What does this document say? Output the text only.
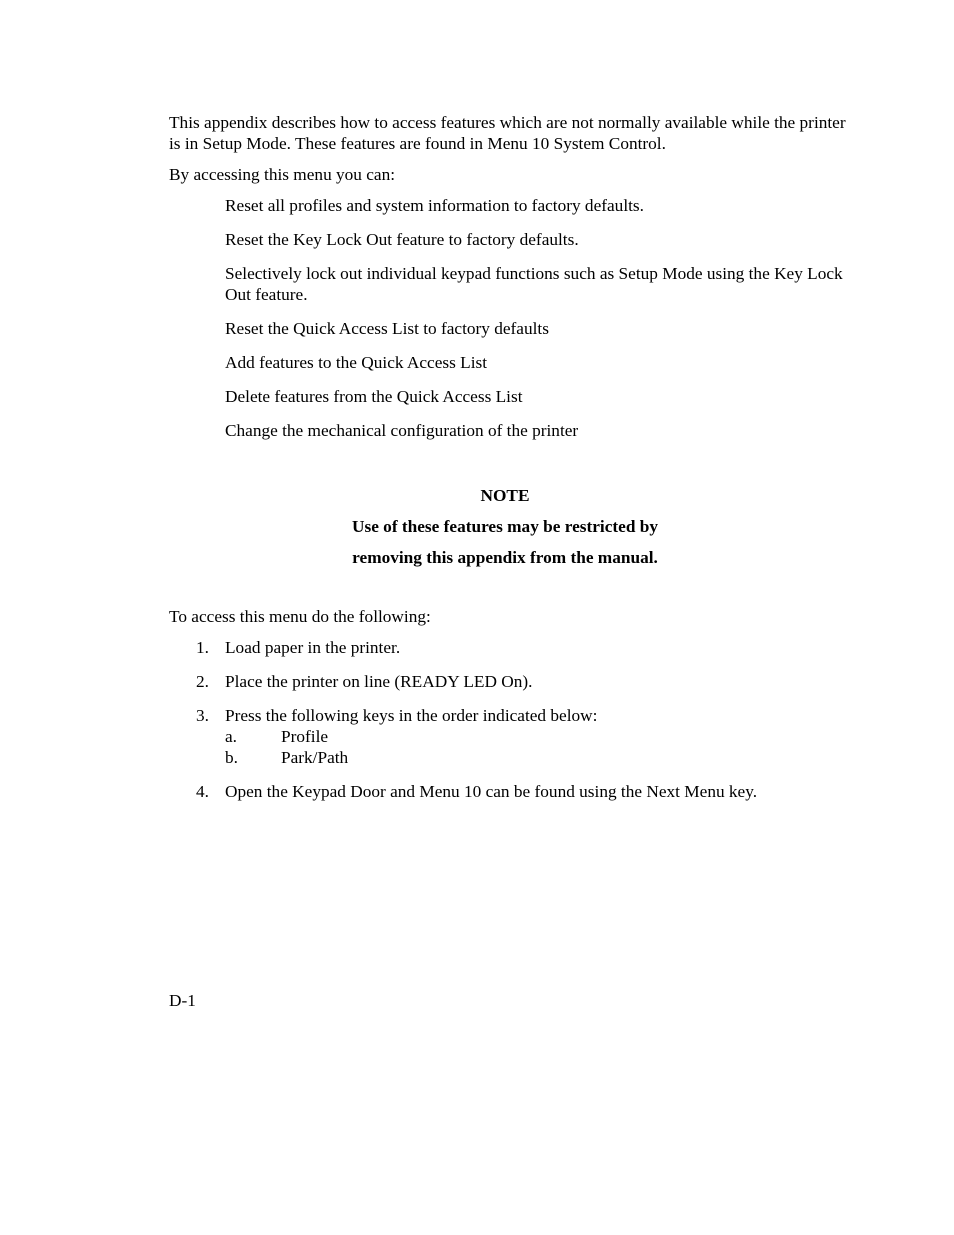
This appendix describes how to access features which are not normally available while the printer is in Setup Mode. These features are found in Menu 10 System Control.

By accessing this menu you can:

Reset all profiles and system information to factory defaults.
Reset the Key Lock Out feature to factory defaults.
Selectively lock out individual keypad functions such as Setup Mode using the Key Lock Out feature.
Reset the Quick Access List to factory defaults
Add features to the Quick Access List
Delete features from the Quick Access List
Change the mechanical configuration of the printer
NOTE
Use of these features may be restricted by
removing this appendix from the manual.

To access this menu do the following:

1. Load paper in the printer.
2. Place the printer on line (READY LED On).
3. Press the following keys in the order indicated below:
a.	Profile
b. Park/Path
4. Open the Keypad Door and Menu 10 can be found using the Next Menu key.
D-1
